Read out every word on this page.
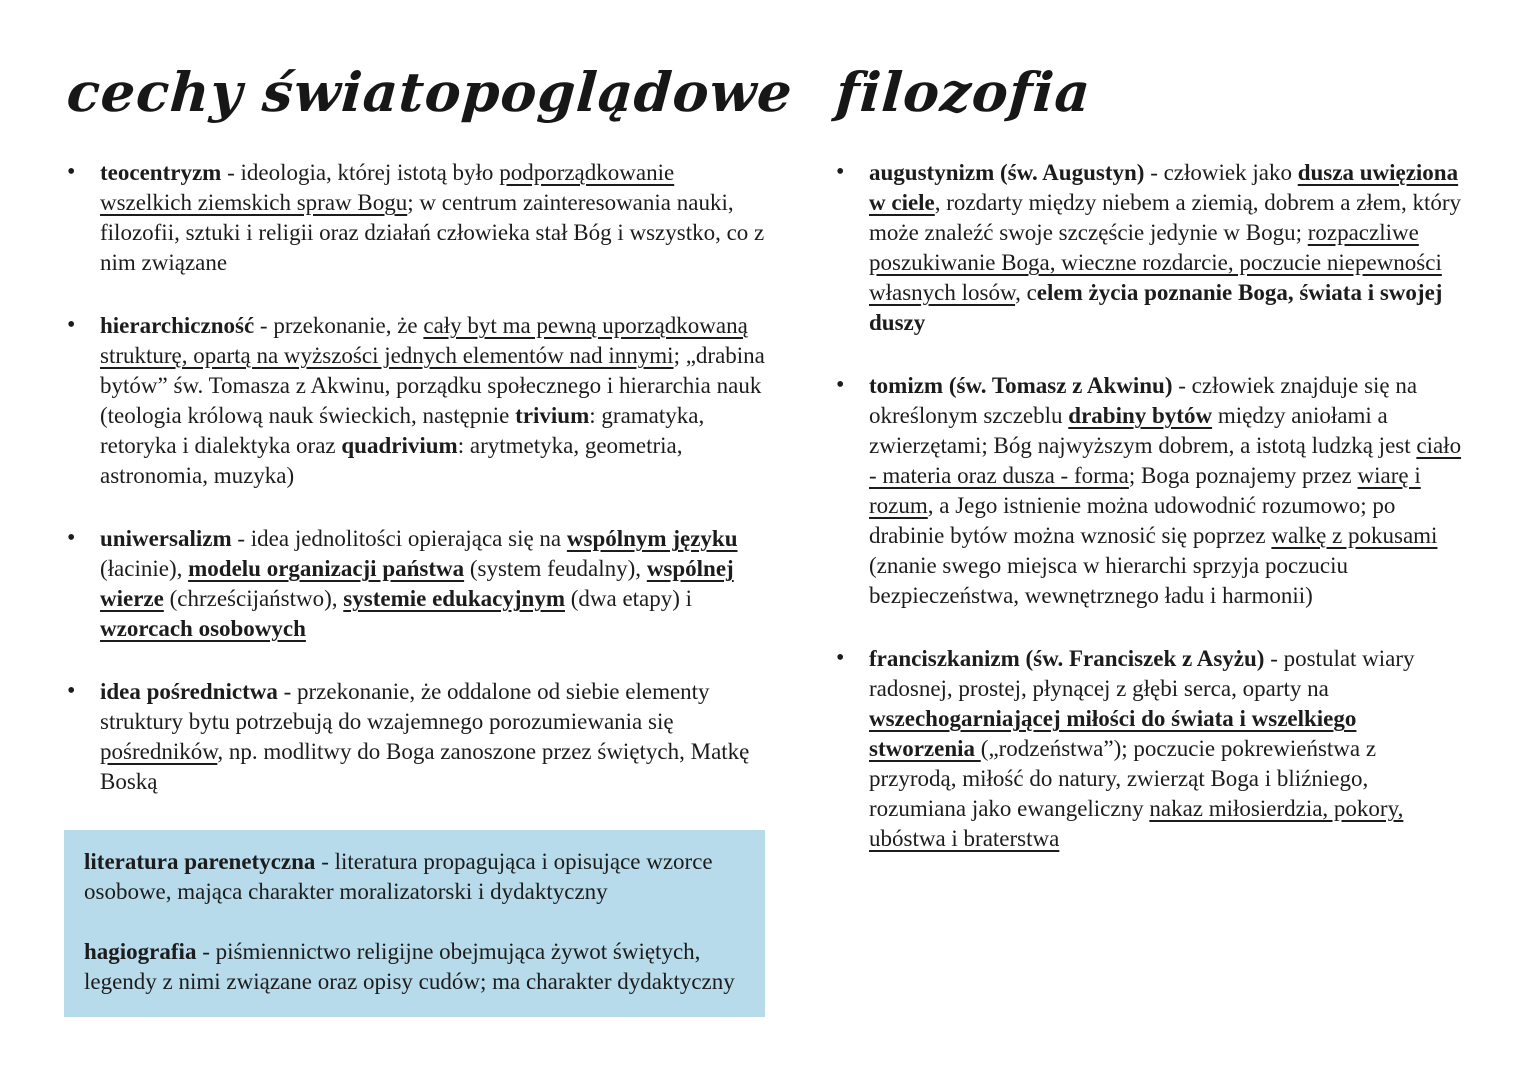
cechy światopoglądowe
• teocentryzm - ideologia, której istotą było podporządkowanie wszelkich ziemskich spraw Bogu; w centrum zainteresowania nauki, filozofii, sztuki i religii oraz działań człowieka stał Bóg i wszystko, co z nim związane
• hierarchiczność - przekonanie, że cały byt ma pewną uporządkowaną strukturę, opartą na wyższości jednych elementów nad innymi; „drabina bytów” św. Tomasza z Akwinu, porządku społecznego i hierarchia nauk (teologia królową nauk świeckich, następnie trivium: gramatyka, retoryka i dialektyka oraz quadrivium: arytmetyka, geometria, astronomia, muzyka)
• uniwersalizm - idea jednolitości opierająca się na wspólnym języku (łacinie), modelu organizacji państwa (system feudalny), wspólnej wierze (chrześcijaństwo), systemie edukacyjnym (dwa etapy) i wzorcach osobowych
• idea pośrednictwa - przekonanie, że oddalone od siebie elementy struktury bytu potrzebują do wzajemnego porozumiewania się pośredników, np. modlitwy do Boga zanoszone przez świętych, Matkę Boską

literatura parenetyczna - literatura propagująca i opisujące wzorce osobowe, mająca charakter moralizatorski i dydaktyczny

hagiografia - piśmiennictwo religijne obejmująca żywot świętych, legendy z nimi związane oraz opisy cudów; ma charakter dydaktyczny

filozofia
• augustynizm (św. Augustyn) - człowiek jako dusza uwięziona w ciele, rozdarty między niebem a ziemią, dobrem a złem, który może znaleźć swoje szczęście jedynie w Bogu; rozpaczliwe poszukiwanie Boga, wieczne rozdarcie, poczucie niepewności własnych losów, celem życia poznanie Boga, świata i swojej duszy
• tomizm (św. Tomasz z Akwinu) - człowiek znajduje się na określonym szczeblu drabiny bytów między aniołami a zwierzętami; Bóg najwyższym dobrem, a istotą ludzką jest ciało - materia oraz dusza - forma; Boga poznajemy przez wiarę i rozum, a Jego istnienie można udowodnić rozumowo; po drabinie bytów można wznosić się poprzez walkę z pokusami (znanie swego miejsca w hierarchi sprzyja poczuciu bezpieczeństwa, wewnętrznego ładu i harmonii)
• franciszkanizm (św. Franciszek z Asyżu) - postulat wiary radosnej, prostej, płynącej z głębi serca, oparty na wszechogarniającej miłości do świata i wszelkiego stworzenia („rodzeństwa”); poczucie pokrewieństwa z przyrodą, miłość do natury, zwierząt Boga i bliźniego, rozumiana jako ewangeliczny nakaz miłosierdzia, pokory, ubóstwa i braterstwa
